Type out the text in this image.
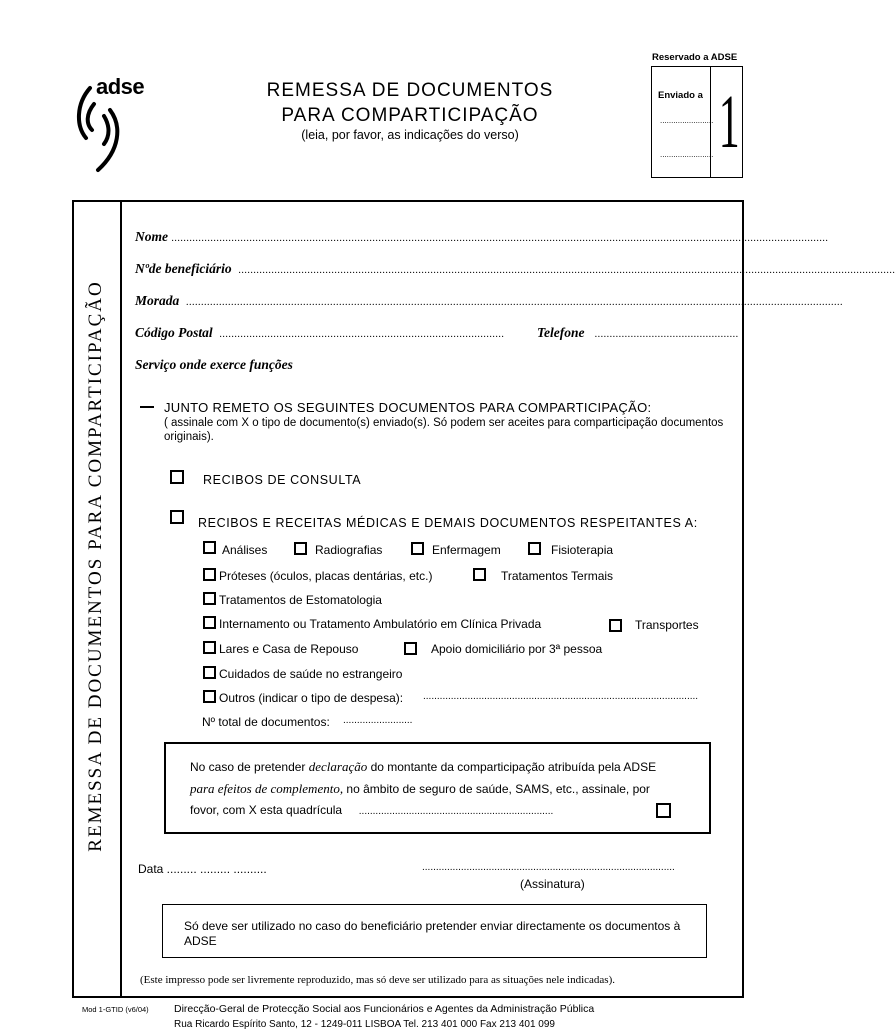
adse	REMESSA DE DOCUMENTOS
PARA COMPARTICIPAÇÃO
(leia, por favor, as indicações do verso)
Reservado a ADSE
Enviado a
........................
........................ 1
REMESSA DE DOCUMENTOS PARA COMPARTICIPAÇÃO
Nome ...........................................................................................................................................................................................................................
Nºde beneficiário ...........................................................................................................................................................................................................................
Morada ...........................................................................................................................................................................................................................
Código Postal ...............................................................................................	Telefone ................................................
Serviço onde exerce funções
JUNTO REMETO OS SEGUINTES DOCUMENTOS PARA COMPARTICIPAÇÃO:
( assinale com X o tipo de documento(s) enviado(s). Só podem ser aceites para comparticipação documentos originais).
RECIBOS DE CONSULTA
RECIBOS E RECEITAS MÉDICAS E DEMAIS DOCUMENTOS RESPEITANTES A:
Análises	Radiografias	Enfermagem	Fisioterapia
Próteses (óculos, placas dentárias, etc.)	Tratamentos Termais
Tratamentos de Estomatologia
Internamento ou Tratamento Ambulatório em Clínica Privada	Transportes
Lares e Casa de Repouso	Apoio domiciliário por 3ª pessoa
Cuidados de saúde no estrangeiro
Outros (indicar o tipo de despesa): ...................................................................................................
Nº total de documentos: .........................
No caso de pretender declaração do montante da comparticipação atribuída pela ADSE
para efeitos de complemento, no âmbito de seguro de saúde, SAMS, etc., assinale, por
fovor, com X esta quadrícula ......................................................................
Data ......... ......... ..........	...........................................................................................
(Assinatura)
Só deve ser utilizado no caso do beneficiário pretender enviar directamente os documentos à ADSE
(Este impresso pode ser livremente reproduzido, mas só deve ser utilizado para as situações nele indicadas).
Mod 1-GTID (v6/04) Direcção-Geral de Protecção Social aos Funcionários e Agentes da Administração Pública
Rua Ricardo Espírito Santo, 12 - 1249-011 LISBOA Tel. 213 401 000 Fax 213 401 099
